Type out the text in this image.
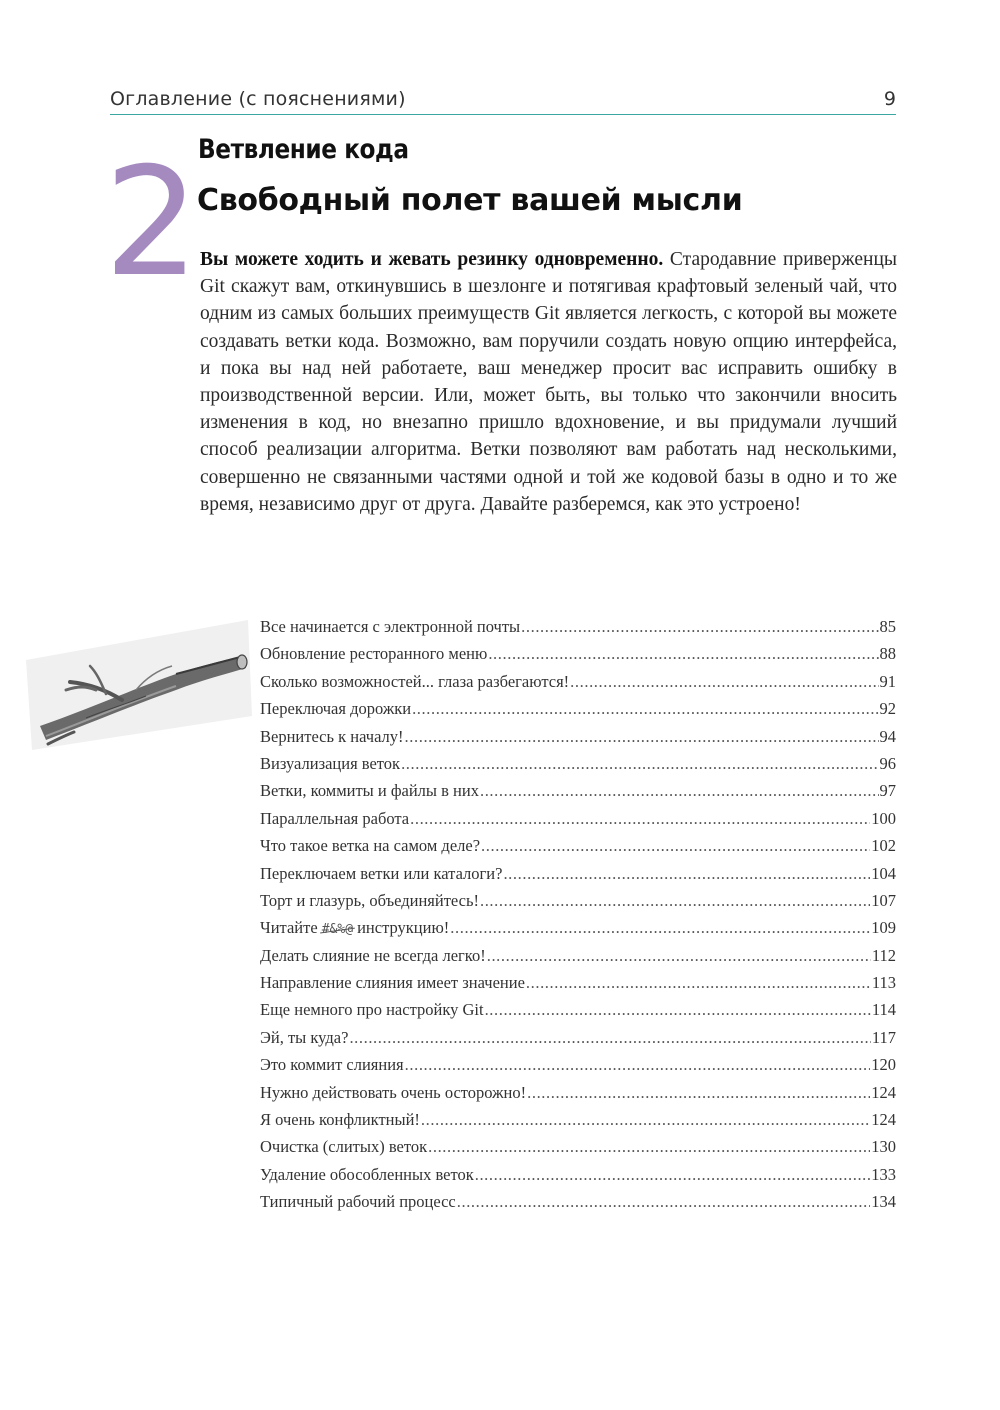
Оглавление (с пояснениями)	9
2
Ветвление кода
Свободный полет вашей мысли

Вы можете ходить и жевать резинку одновременно. Стародавние приверженцы Git скажут вам, откинувшись в шезлонге и потягивая крафтовый зеленый чай, что одним из самых больших преимуществ Git является легкость, с которой вы можете создавать ветки кода. Возможно, вам поручили создать новую опцию интерфейса, и пока вы над ней работаете, ваш менеджер просит вас исправить ошибку в производственной версии. Или, может быть, вы только что закончили вносить изменения в код, но внезапно пришло вдохновение, и вы придумали лучший способ реализации алгоритма. Ветки позволяют вам работать над несколькими, совершенно не связанными частями одной и той же кодовой базы в одно и то же время, независимо друг от друга. Давайте разберемся, как это устроено!

Все начинается с электронной почты .....	85
Обновление ресторанного меню .....	88
Сколько возможностей... глаза разбегаются! .....	91
Переключая дорожки .....	92
Вернитесь к началу! .....	94
Визуализация веток .....	96
Ветки, коммиты и файлы в них .....	97
Параллельная работа .....	100
Что такое ветка на самом деле? .....	102
Переключаем ветки или каталоги? .....	104
Торт и глазурь, объединяйтесь! .....	107
Читайте #&%@ инструкцию! .....	109
Делать слияние не всегда легко! .....	112
Направление слияния имеет значение .....	113
Еще немного про настройку Git .....	114
Эй, ты куда? .....	117
Это коммит слияния .....	120
Нужно действовать очень осторожно! .....	124
Я очень конфликтный! .....	124
Очистка (слитых) веток .....	130
Удаление обособленных веток .....	133
Типичный рабочий процесс .....	134
